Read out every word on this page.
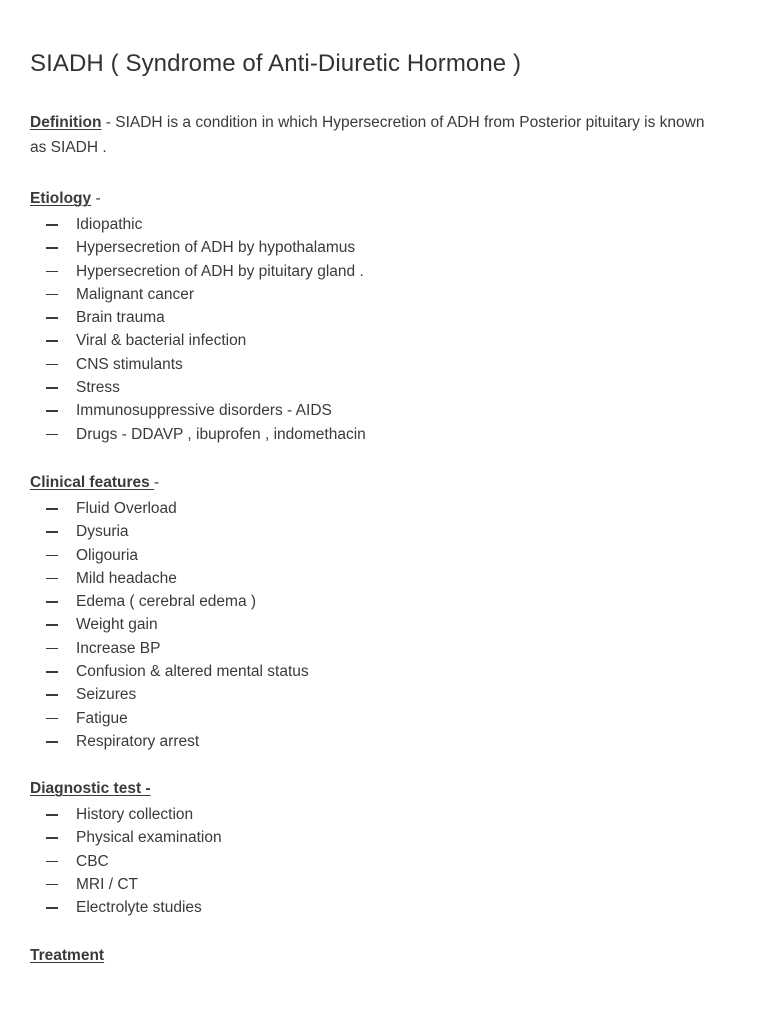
SIADH ( Syndrome of Anti-Diuretic Hormone )

Definition - SIADH is a condition in which Hypersecretion of ADH from Posterior pituitary is known as SIADH .

Etiology -
Idiopathic
Hypersecretion of ADH by hypothalamus
Hypersecretion of ADH by pituitary gland .
Malignant cancer
Brain trauma
Viral & bacterial infection
CNS stimulants
Stress
Immunosuppressive disorders - AIDS
Drugs - DDAVP , ibuprofen , indomethacin
Clinical features -
Fluid Overload
Dysuria
Oligouria
Mild headache
Edema ( cerebral edema )
Weight gain
Increase BP
Confusion & altered mental status
Seizures
Fatigue
Respiratory arrest
Diagnostic test -
History collection
Physical examination
CBC
MRI / CT
Electrolyte studies
Treatment
